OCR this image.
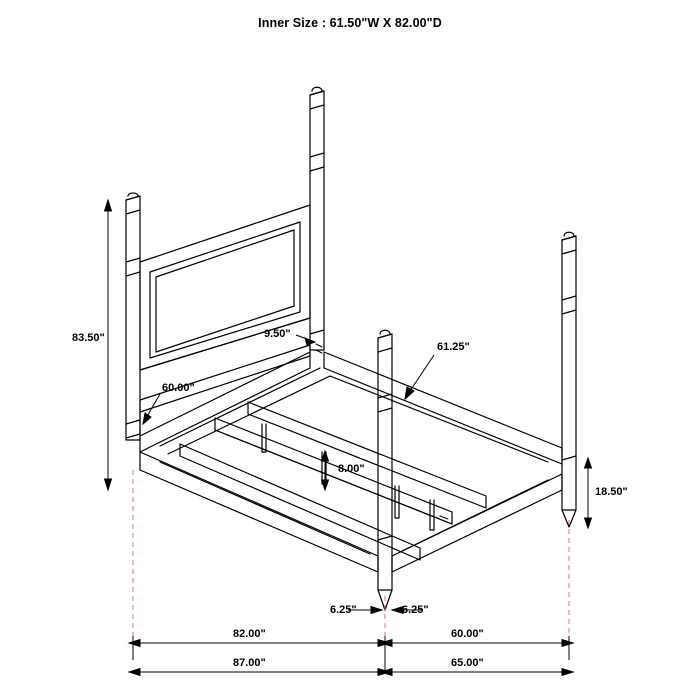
Inner Size : 61.50"W X 82.00"D
83.50"	9.50"
60.00"
61.25"
8.00"
18.50"
6.25"	6.25"
82.00"	60.00"
87.00"	65.00"
